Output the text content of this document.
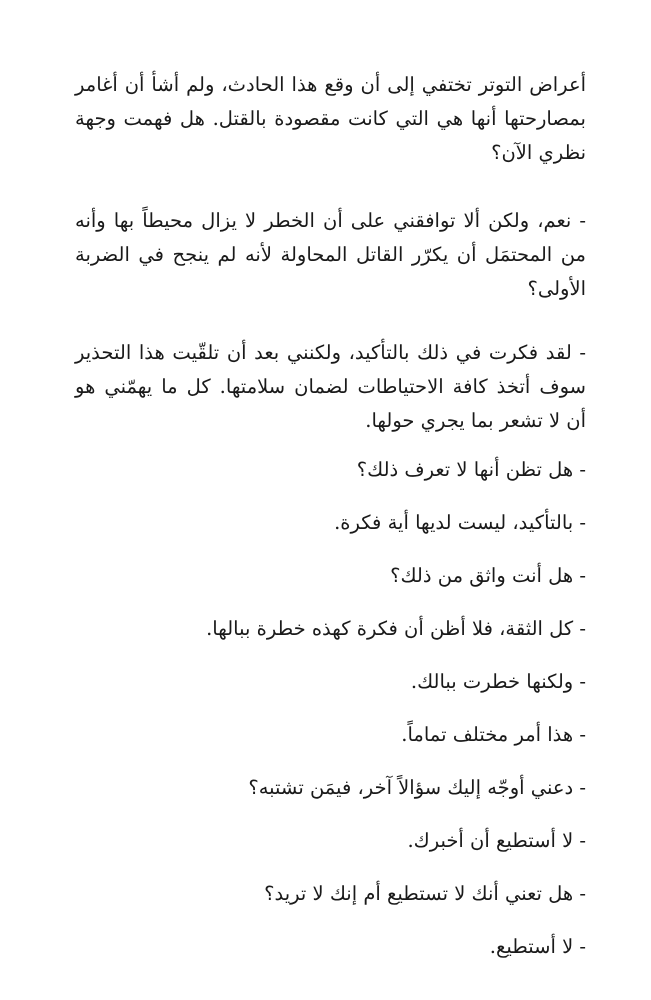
أعراض التوتر تختفي إلى أن وقع هذا الحادث، ولم أشأ أن أغامر بمصارحتها أنها هي التي كانت مقصودة بالقتل. هل فهمت وجهة نظري الآن؟

- نعم، ولكن ألا توافقني على أن الخطر لا يزال محيطاً بها وأنه من المحتمَل أن يكرّر القاتل المحاولة لأنه لم ينجح في الضربة الأولى؟

- لقد فكرت في ذلك بالتأكيد، ولكنني بعد أن تلقّيت هذا التحذير سوف أتخذ كافة الاحتياطات لضمان سلامتها. كل ما يهمّني هو أن لا تشعر بما يجري حولها.

- هل تظن أنها لا تعرف ذلك؟

- بالتأكيد، ليست لديها أية فكرة.

- هل أنت واثق من ذلك؟

- كل الثقة، فلا أظن أن فكرة كهذه خطرة ببالها.

- ولكنها خطرت ببالك.

- هذا أمر مختلف تماماً.

- دعني أوجّه إليك سؤالاً آخر، فيمَن تشتبه؟

- لا أستطيع أن أخبرك.

- هل تعني أنك لا تستطيع أم إنك لا تريد؟

- لا أستطيع.
